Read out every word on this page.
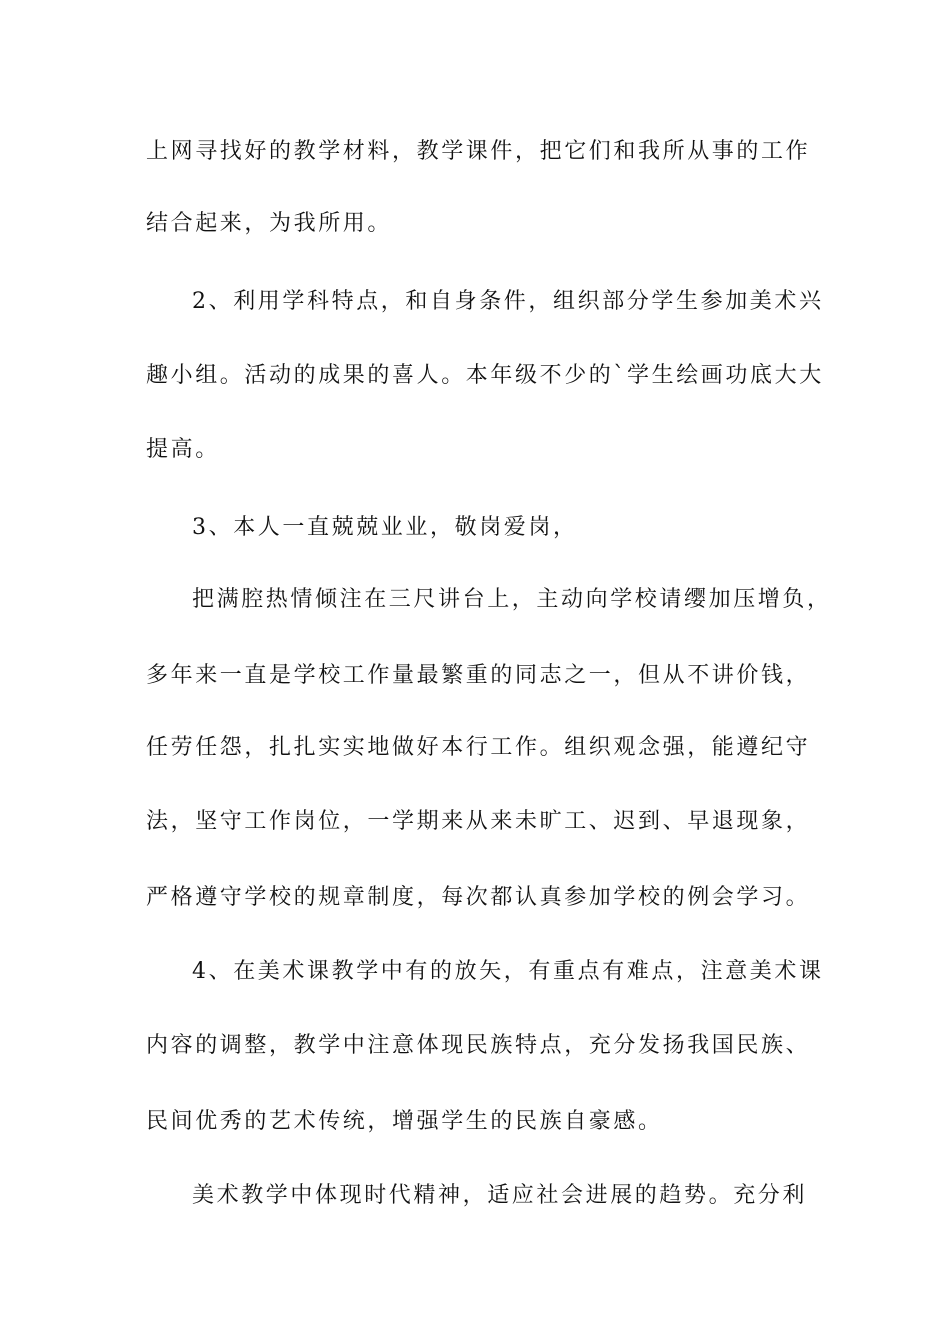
上网寻找好的教学材料，教学课件，把它们和我所从事的工作
结合起来，为我所用。
2、利用学科特点，和自身条件，组织部分学生参加美术兴
趣小组。活动的成果的喜人。本年级不少的`学生绘画功底大大
提高。
3、本人一直兢兢业业，敬岗爱岗，
把满腔热情倾注在三尺讲台上，主动向学校请缨加压增负，
多年来一直是学校工作量最繁重的同志之一，但从不讲价钱，
任劳任怨，扎扎实实地做好本行工作。组织观念强，能遵纪守
法，坚守工作岗位，一学期来从来未旷工、迟到、早退现象，
严格遵守学校的规章制度，每次都认真参加学校的例会学习。
4、在美术课教学中有的放矢，有重点有难点，注意美术课
内容的调整，教学中注意体现民族特点，充分发扬我国民族、
民间优秀的艺术传统，增强学生的民族自豪感。
美术教学中体现时代精神，适应社会进展的趋势。充分利
